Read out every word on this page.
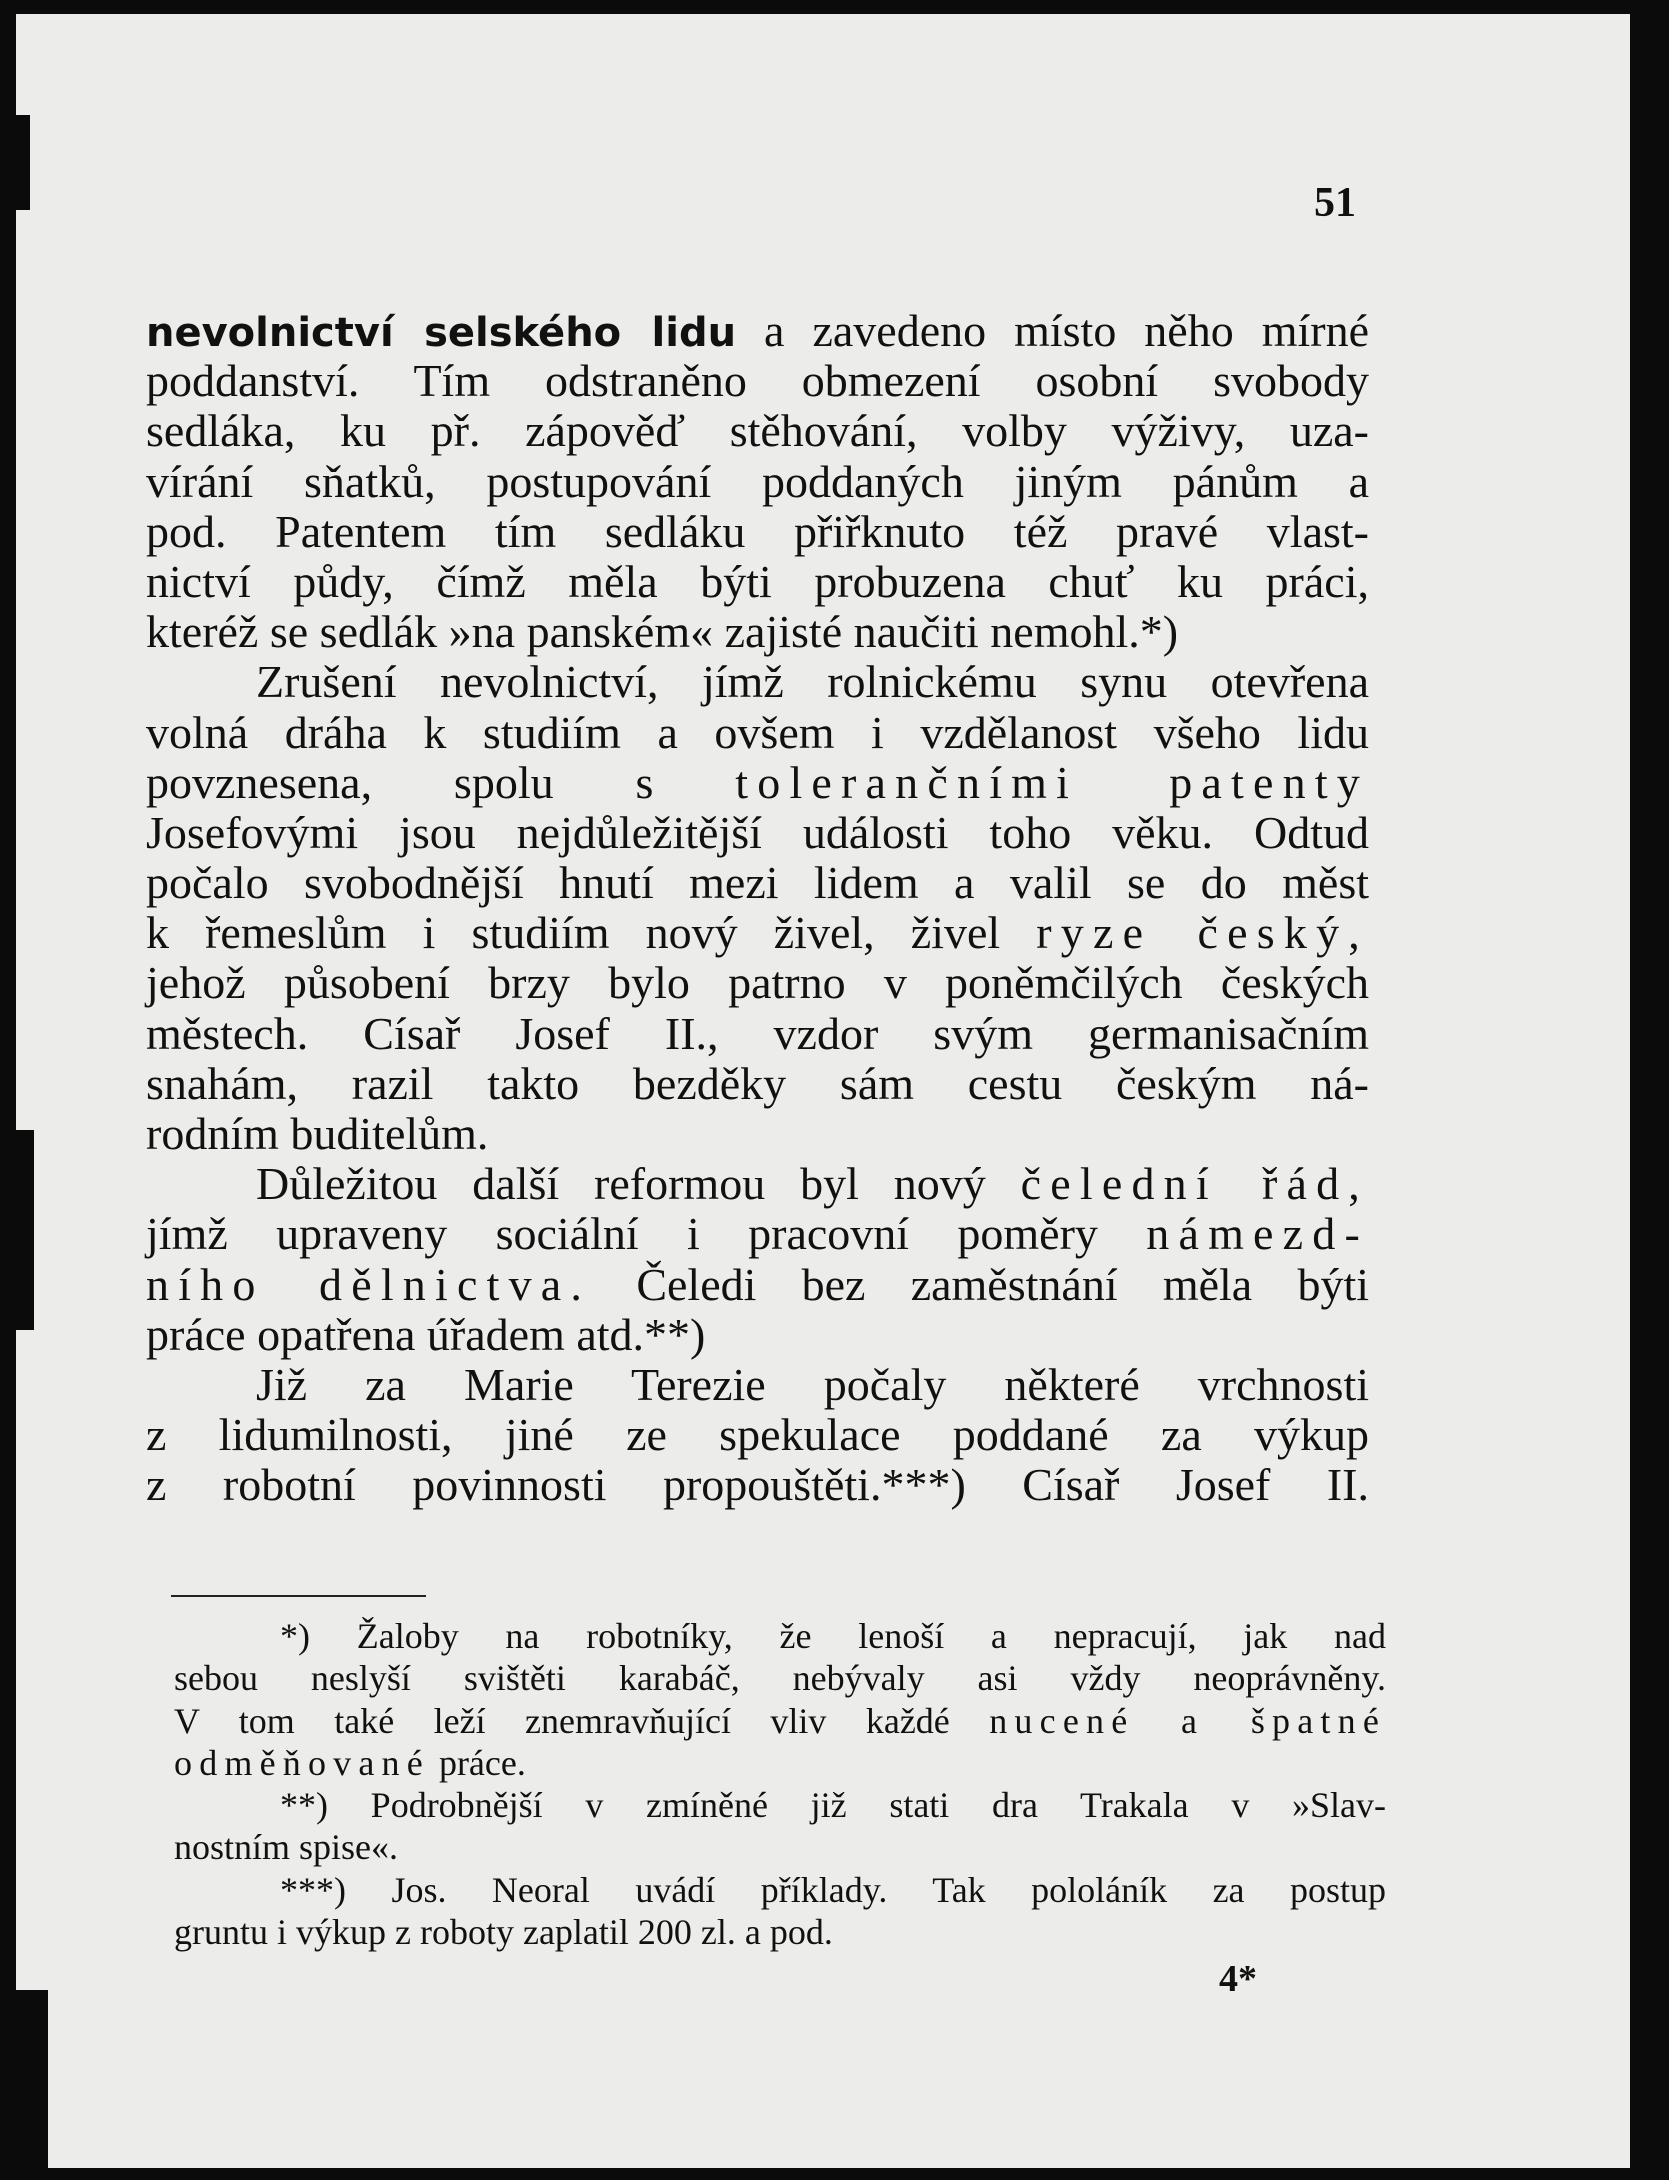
51
nevolnictví selského lidu a zavedeno místo něho mírné
poddanství. Tím odstraněno obmezení osobní svobody
sedláka, ku př. zápověď stěhování, volby výživy, uza-
vírání sňatků, postupování poddaných jiným pánům a
pod. Patentem tím sedláku přiřknuto též pravé vlast-
nictví půdy, čímž měla býti probuzena chuť ku práci,
kteréž se sedlák »na panském« zajisté naučiti nemohl.*)
Zrušení nevolnictví, jímž rolnickému synu otevřena
volná dráha k studiím a ovšem i vzdělanost všeho lidu
povznesena, spolu s tolerančními patenty
Josefovými jsou nejdůležitější události toho věku. Odtud
počalo svobodnější hnutí mezi lidem a valil se do měst
k řemeslům i studiím nový živel, živel ryze český,
jehož působení brzy bylo patrno v poněmčilých českých
městech. Císař Josef II., vzdor svým germanisačním
snahám, razil takto bezděky sám cestu českým ná-
rodním buditelům.
Důležitou další reformou byl nový čelední řád,
jímž upraveny sociální i pracovní poměry námezd-
ního dělnictva. Čeledi bez zaměstnání měla býti
práce opatřena úřadem atd.**)
Již za Marie Terezie počaly některé vrchnosti
z lidumilnosti, jiné ze spekulace poddané za výkup
z robotní povinnosti propouštěti.***) Císař Josef II.
*) Žaloby na robotníky, že lenoší a nepracují, jak nad
sebou neslyší svištěti karabáč, nebývaly asi vždy neoprávněny.
V tom také leží znemravňující vliv každé nucené a špatné
odměňované práce.
**) Podrobnější v zmíněné již stati dra Trakala v »Slav-
nostním spise«.
***) Jos. Neoral uvádí příklady. Tak pololáník za postup
gruntu i výkup z roboty zaplatil 200 zl. a pod.
4*
